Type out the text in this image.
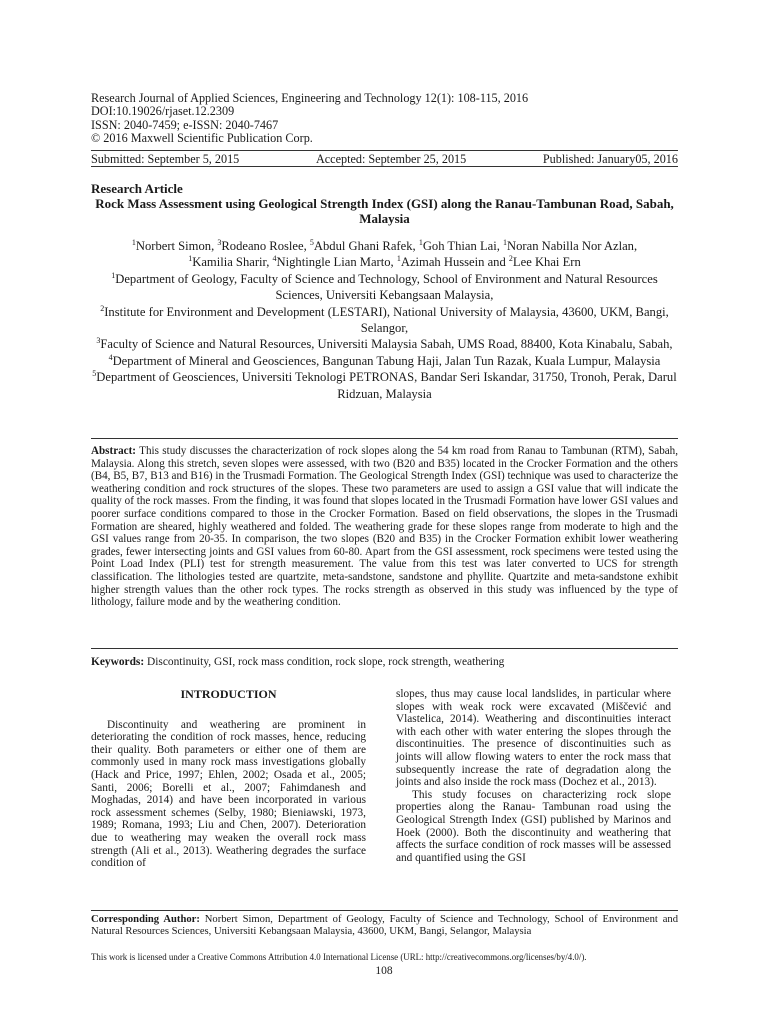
Research Journal of Applied Sciences, Engineering and Technology 12(1): 108-115, 2016
DOI:10.19026/rjaset.12.2309
ISSN: 2040-7459; e-ISSN: 2040-7467
© 2016 Maxwell Scientific Publication Corp.
Submitted: September 5, 2015	Accepted: September 25, 2015	Published: January05, 2016
Research Article
Rock Mass Assessment using Geological Strength Index (GSI) along the Ranau-Tambunan Road, Sabah, Malaysia
$^1$Norbert Simon, $^3$Rodeano Roslee, $^5$Abdul Ghani Rafek, $^1$Goh Thian Lai, $^1$Noran Nabilla Nor Azlan,
$^1$Kamilia Sharir, $^4$Nightingle Lian Marto, $^1$Azimah Hussein and $^2$Lee Khai Ern
$^1$Department of Geology, Faculty of Science and Technology, School of Environment and Natural Resources Sciences, Universiti Kebangsaan Malaysia,
$^2$Institute for Environment and Development (LESTARI), National University of Malaysia, 43600, UKM, Bangi, Selangor,
$^3$Faculty of Science and Natural Resources, Universiti Malaysia Sabah, UMS Road, 88400, Kota Kinabalu, Sabah,
$^4$Department of Mineral and Geosciences, Bangunan Tabung Haji, Jalan Tun Razak, Kuala Lumpur, Malaysia
$^5$Department of Geosciences, Universiti Teknologi PETRONAS, Bandar Seri Iskandar, 31750, Tronoh, Perak, Darul Ridzuan, Malaysia
Abstract: This study discusses the characterization of rock slopes along the 54 km road from Ranau to Tambunan (RTM), Sabah, Malaysia. Along this stretch, seven slopes were assessed, with two (B20 and B35) located in the Crocker Formation and the others (B4, B5, B7, B13 and B16) in the Trusmadi Formation. The Geological Strength Index (GSI) technique was used to characterize the weathering condition and rock structures of the slopes. These two parameters are used to assign a GSI value that will indicate the quality of the rock masses. From the finding, it was found that slopes located in the Trusmadi Formation have lower GSI values and poorer surface conditions compared to those in the Crocker Formation. Based on field observations, the slopes in the Trusmadi Formation are sheared, highly weathered and folded. The weathering grade for these slopes range from moderate to high and the GSI values range from 20-35. In comparison, the two slopes (B20 and B35) in the Crocker Formation exhibit lower weathering grades, fewer intersecting joints and GSI values from 60-80. Apart from the GSI assessment, rock specimens were tested using the Point Load Index (PLI) test for strength measurement. The value from this test was later converted to UCS for strength classification. The lithologies tested are quartzite, meta-sandstone, sandstone and phyllite. Quartzite and meta-sandstone exhibit higher strength values than the other rock types. The rocks strength as observed in this study was influenced by the type of lithology, failure mode and by the weathering condition.
Keywords: Discontinuity, GSI, rock mass condition, rock slope, rock strength, weathering

INTRODUCTION

Discontinuity and weathering are prominent in deteriorating the condition of rock masses, hence, reducing their quality. Both parameters or either one of them are commonly used in many rock mass investigations globally (Hack and Price, 1997; Ehlen, 2002; Osada et al., 2005; Santi, 2006; Borelli et al., 2007; Fahimdanesh and Moghadas, 2014) and have been incorporated in various rock assessment schemes (Selby, 1980; Bieniawski, 1973, 1989; Romana, 1993; Liu and Chen, 2007). Deterioration due to weathering may weaken the overall rock mass strength (Ali et al., 2013). Weathering degrades the surface condition of

slopes, thus may cause local landslides, in particular where slopes with weak rock were excavated (Miščević and Vlastelica, 2014). Weathering and discontinuities interact with each other with water entering the slopes through the discontinuities. The presence of discontinuities such as joints will allow flowing waters to enter the rock mass that subsequently increase the rate of degradation along the joints and also inside the rock mass (Dochez et al., 2013).

This study focuses on characterizing rock slope properties along the Ranau- Tambunan road using the Geological Strength Index (GSI) published by Marinos and Hoek (2000). Both the discontinuity and weathering that affects the surface condition of rock masses will be assessed and quantified using the GSI

Corresponding Author: Norbert Simon, Department of Geology, Faculty of Science and Technology, School of Environment and Natural Resources Sciences, Universiti Kebangsaan Malaysia, 43600, UKM, Bangi, Selangor, Malaysia
This work is licensed under a Creative Commons Attribution 4.0 International License (URL: http://creativecommons.org/licenses/by/4.0/).
108
